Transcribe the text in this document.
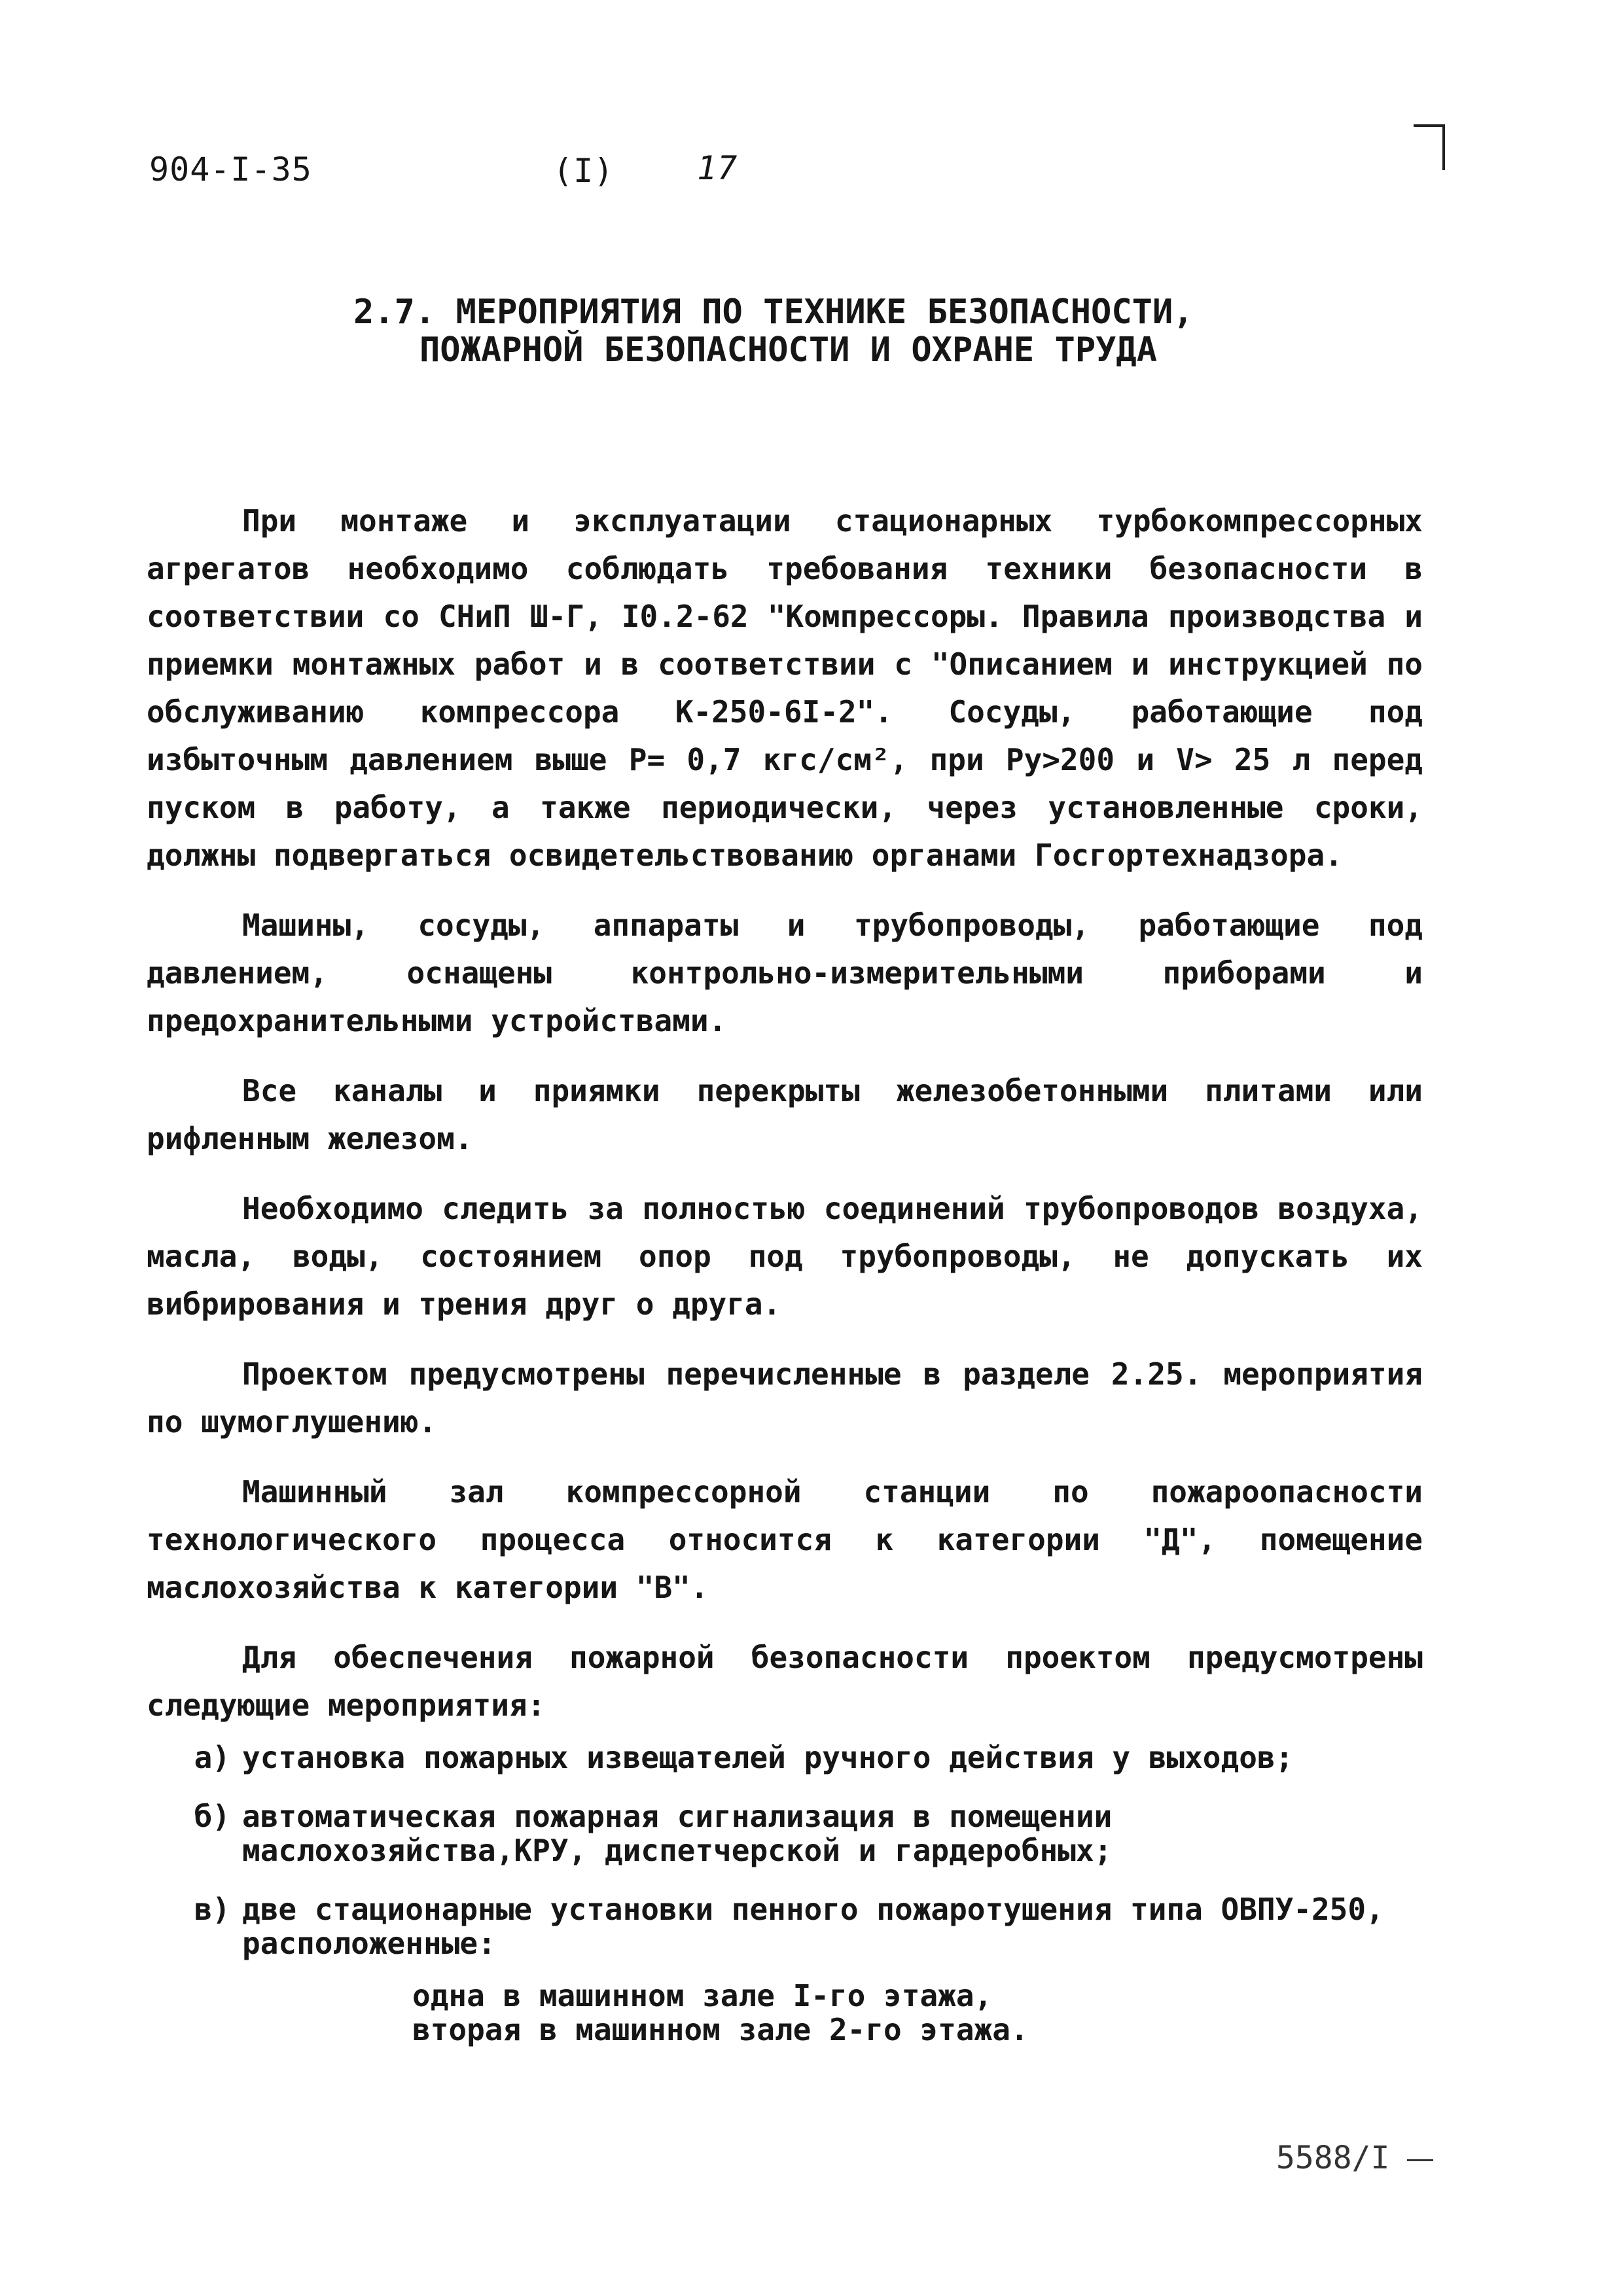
904-I-35	(I)	17
2.7. МЕРОПРИЯТИЯ ПО ТЕХНИКЕ БЕЗОПАСНОСТИ,
ПОЖАРНОЙ БЕЗОПАСНОСТИ И ОХРАНЕ ТРУДА

При монтаже и эксплуатации стационарных турбокомпрессорных агрегатов необходимо соблюдать требования техники безопасности в соответствии со СНиП Ш-Г, I0.2-62 "Компрессоры. Правила производства и приемки монтажных работ и в соответствии с "Описанием и инструкцией по обслуживанию компрессора К-250-6I-2". Сосуды, работающие под избыточным давлением выше Р= 0,7 кгс/см², при Ру>200 и V> 25 л перед пуском в работу, а также периодически, через установленные сроки, должны подвергаться освидетельствованию органами Госгортехнадзора.

Машины, сосуды, аппараты и трубопроводы, работающие под давлением, оснащены контрольно-измерительными приборами и предохранительными устройствами.

Все каналы и приямки перекрыты железобетонными плитами или рифленным железом.

Необходимо следить за полностью соединений трубопроводов воздуха, масла, воды, состоянием опор под трубопроводы, не допускать их вибрирования и трения друг о друга.

Проектом предусмотрены перечисленные в разделе 2.25. мероприятия по шумоглушению.

Машинный зал компрессорной станции по пожароопасности технологического процесса относится к категории "Д", помещение маслохозяйства к категории "В".

Для обеспечения пожарной безопасности проектом предусмотрены следующие мероприятия:

а) установка пожарных извещателей ручного действия у выходов;
б) автоматическая пожарная сигнализация в помещении маслохозяйства,КРУ, диспетчерской и гардеробных;
в) две стационарные установки пенного пожаротушения типа ОВПУ-250, расположенные:
одна в машинном зале I-го этажа,
вторая в машинном зале 2-го этажа.
5588/I
